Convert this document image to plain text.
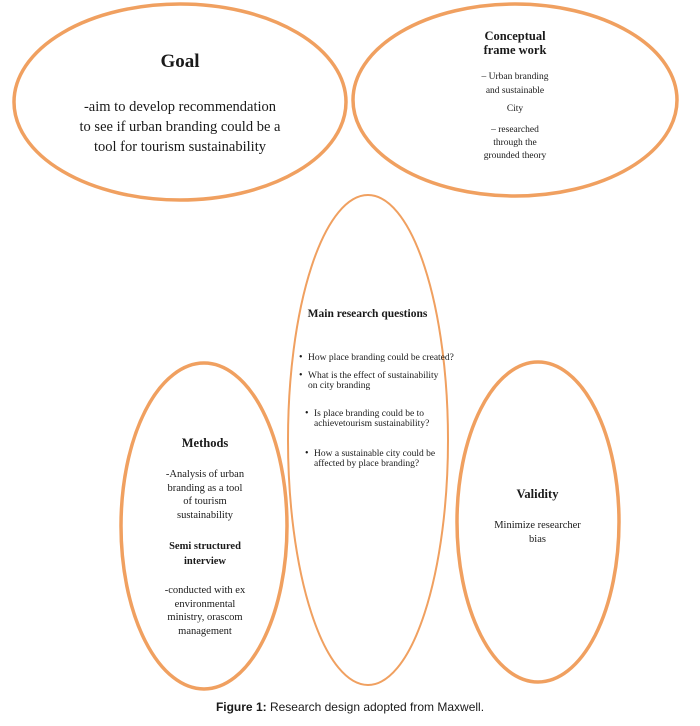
Goal
-aim to develop recommendation
to see if urban branding could be a
tool for tourism sustainability
Conceptual
frame work
– Urban branding
and sustainable
City
– researched
through the
grounded theory
Main research questions
• How place branding could be created?
• What is the effect of sustainability on city branding
• Is place branding could be to achievetourism sustainability?
• How a sustainable city could be affected by place branding?
Methods
-Analysis of urban
branding as a tool
of tourism
sustainability
Semi structured
interview
-conducted with ex
environmental
ministry, orascom
management
Validity
Minimize researcher
bias
Figure 1: Research design adopted from Maxwell.
